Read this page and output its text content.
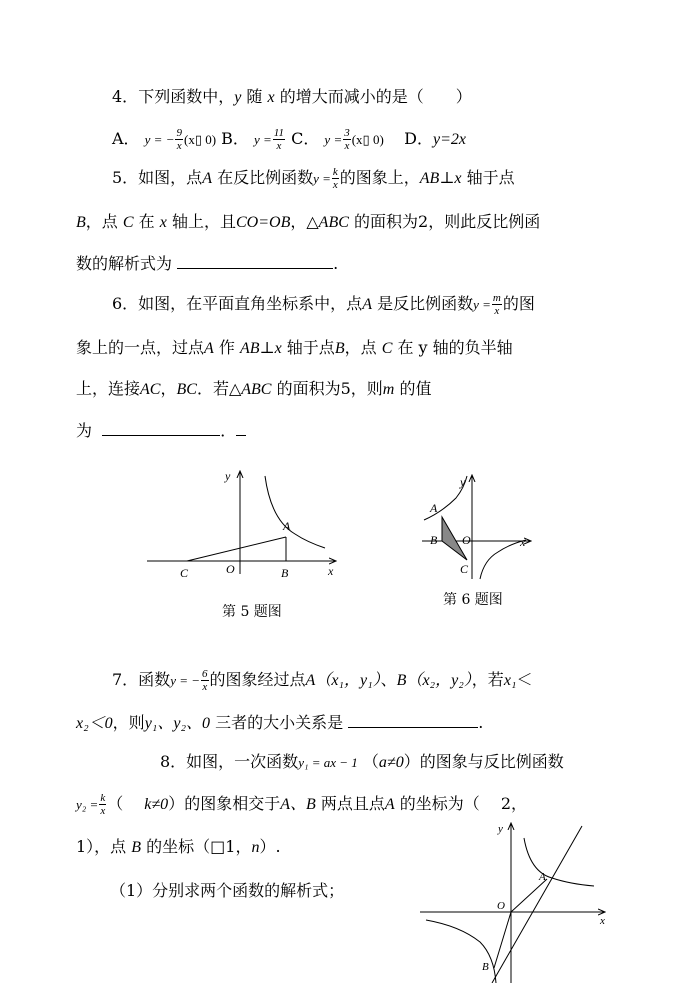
4．下列函数中，y 随 x 的增大而减小的是（　　）
A． y = − $\frac{9}{x}$ (x▯ 0) B． $y = \frac{11}{x}$ C． $y = \frac{3}{x}$ (x▯ 0) D．y=2x
5．如图，点A 在反比例函数$y = \frac{k}{x}$ 的图象上，AB⊥x 轴于点
B，点 C 在 x 轴上，且CO=OB，△ABC 的面积为2，则此反比例函
数的解析式为	.
6．如图，在平面直角坐标系中，点A 是反比例函数$y = \frac{m}{x}$ 的图
象上的一点，过点A 作 AB⊥x 轴于点B，点 C 在 y 轴的负半轴
上，连接AC，BC．若△ABC 的面积为5，则m 的值
为	．
y
A
C	O	B	x
第 5 题图
y
A
B O
C
x
第 6 题图
7．函数y = − $\frac{6}{x}$ 的图象经过点A（x₁，y₁）、B（x₂，y₂），若x₁＜
x₂＜0，则y₁、y₂、0 三者的大小关系是	.
8．如图，一次函数y₁ = ax − 1 （a≠0）的图象与反比例函数
$y_2 = \frac{k}{x}$ （　 k≠0）的图象相交于A、B 两点且点A 的坐标为（　 2，
1），点 B 的坐标（□1，n）.
（1）分别求两个函数的解析式；
y
A
O
x
B
